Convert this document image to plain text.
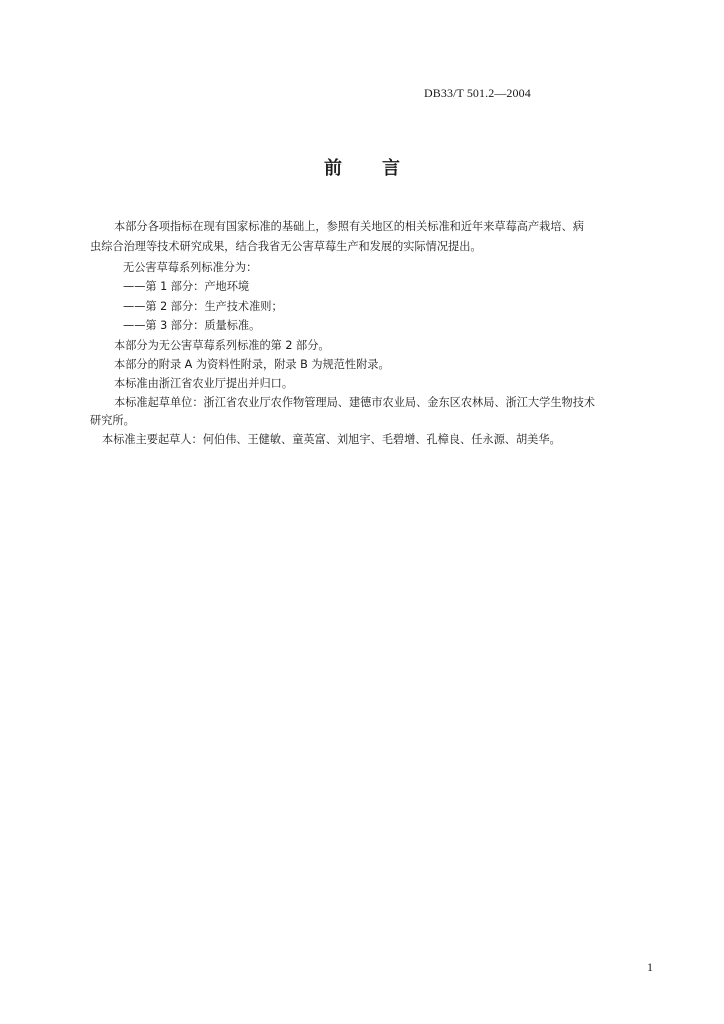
DB33/T 501.2—2004
前 言
本部分各项指标在现有国家标准的基础上，参照有关地区的相关标准和近年来草莓高产栽培、病
虫综合治理等技术研究成果，结合我省无公害草莓生产和发展的实际情况提出。
无公害草莓系列标准分为：
——第 1 部分：产地环境
——第 2 部分：生产技术准则；
——第 3 部分：质量标准。
本部分为无公害草莓系列标准的第 2 部分。
本部分的附录 A 为资料性附录，附录 B 为规范性附录。
本标准由浙江省农业厅提出并归口。
本标准起草单位：浙江省农业厅农作物管理局、建德市农业局、金东区农林局、浙江大学生物技术
研究所。
本标准主要起草人：何伯伟、王健敏、童英富、刘旭宇、毛碧增、孔樟良、任永源、胡美华。
1
